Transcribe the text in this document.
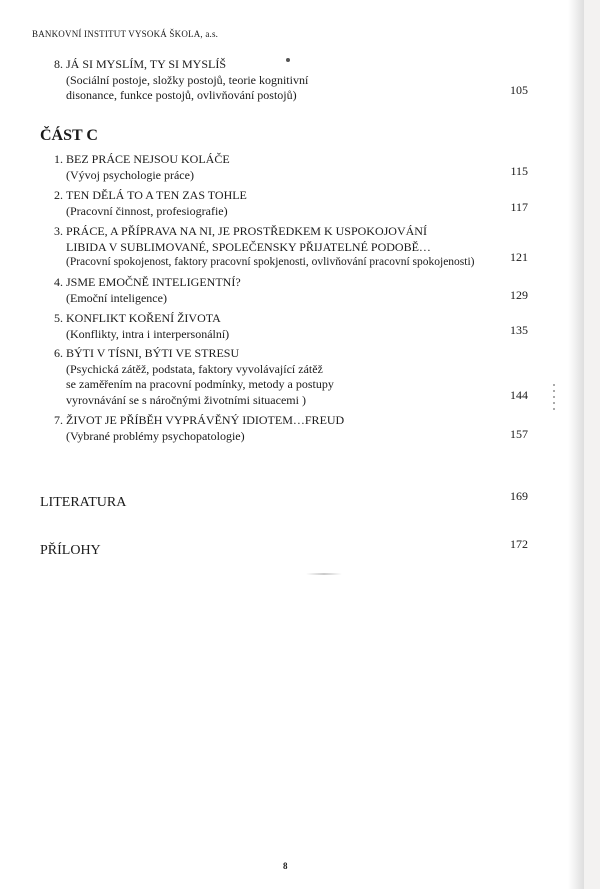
BANKOVNÍ INSTITUT VYSOKÁ ŠKOLA, a.s.
8. JÁ SI MYSLÍM, TY SI MYSLÍŠ
(Sociální postoje, složky postojů, teorie kognitivní
disonance, funkce postojů, ovlivňování postojů)	105
ČÁST C
1. BEZ PRÁCE NEJSOU KOLÁČE
(Vývoj psychologie práce)	115
2. TEN DĚLÁ TO A TEN ZAS TOHLE
(Pracovní činnost, profesiografie)	117
3. PRÁCE, A PŘÍPRAVA NA NI, JE PROSTŘEDKEM K USPOKOJOVÁNÍ
LIBIDA V SUBLIMOVANÉ, SPOLEČENSKY PŘIJATELNÉ PODOBĚ…
(Pracovní spokojenost, faktory pracovní spokjenosti, ovlivňování pracovní spokojenosti)	121
4. JSME EMOČNĚ INTELIGENTNÍ?
(Emoční inteligence)	129
5. KONFLIKT KOŘENÍ ŽIVOTA
(Konflikty, intra i interpersonální)	135
6. BÝTI V TÍSNI, BÝTI VE STRESU
(Psychická zátěž, podstata, faktory vyvolávající zátěž
se zaměřením na pracovní podmínky, metody a postupy
vyrovnávání se s náročnými životními situacemi )	144
7. ŽIVOT JE PŘÍBĚH VYPRÁVĚNÝ IDIOTEM…FREUD
(Vybrané problémy psychopatologie)	157
LITERATURA	169
PŘÍLOHY	172
8
